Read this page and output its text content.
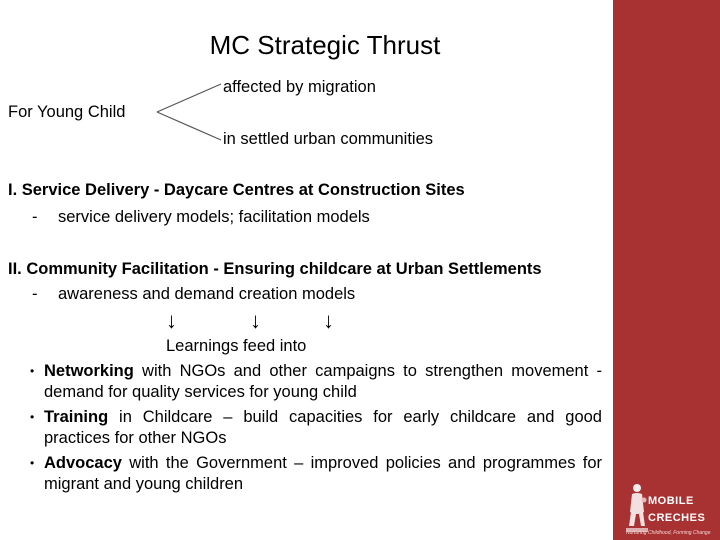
MC Strategic Thrust
For Young Child
affected by migration
in settled urban communities
I. Service Delivery - Daycare Centres at Construction Sites
- service delivery models; facilitation models
II. Community Facilitation - Ensuring childcare at Urban Settlements
- awareness and demand creation models
↓	↓	↓
Learnings feed into
• Networking with NGOs and other campaigns to strengthen movement - demand for quality services for young child
• Training in Childcare – build capacities for early childcare and good practices for other NGOs
• Advocacy with the Government – improved policies and programmes for migrant and young children
MOBILE
CRECHES
Nurturing Childhood, Forming Change
